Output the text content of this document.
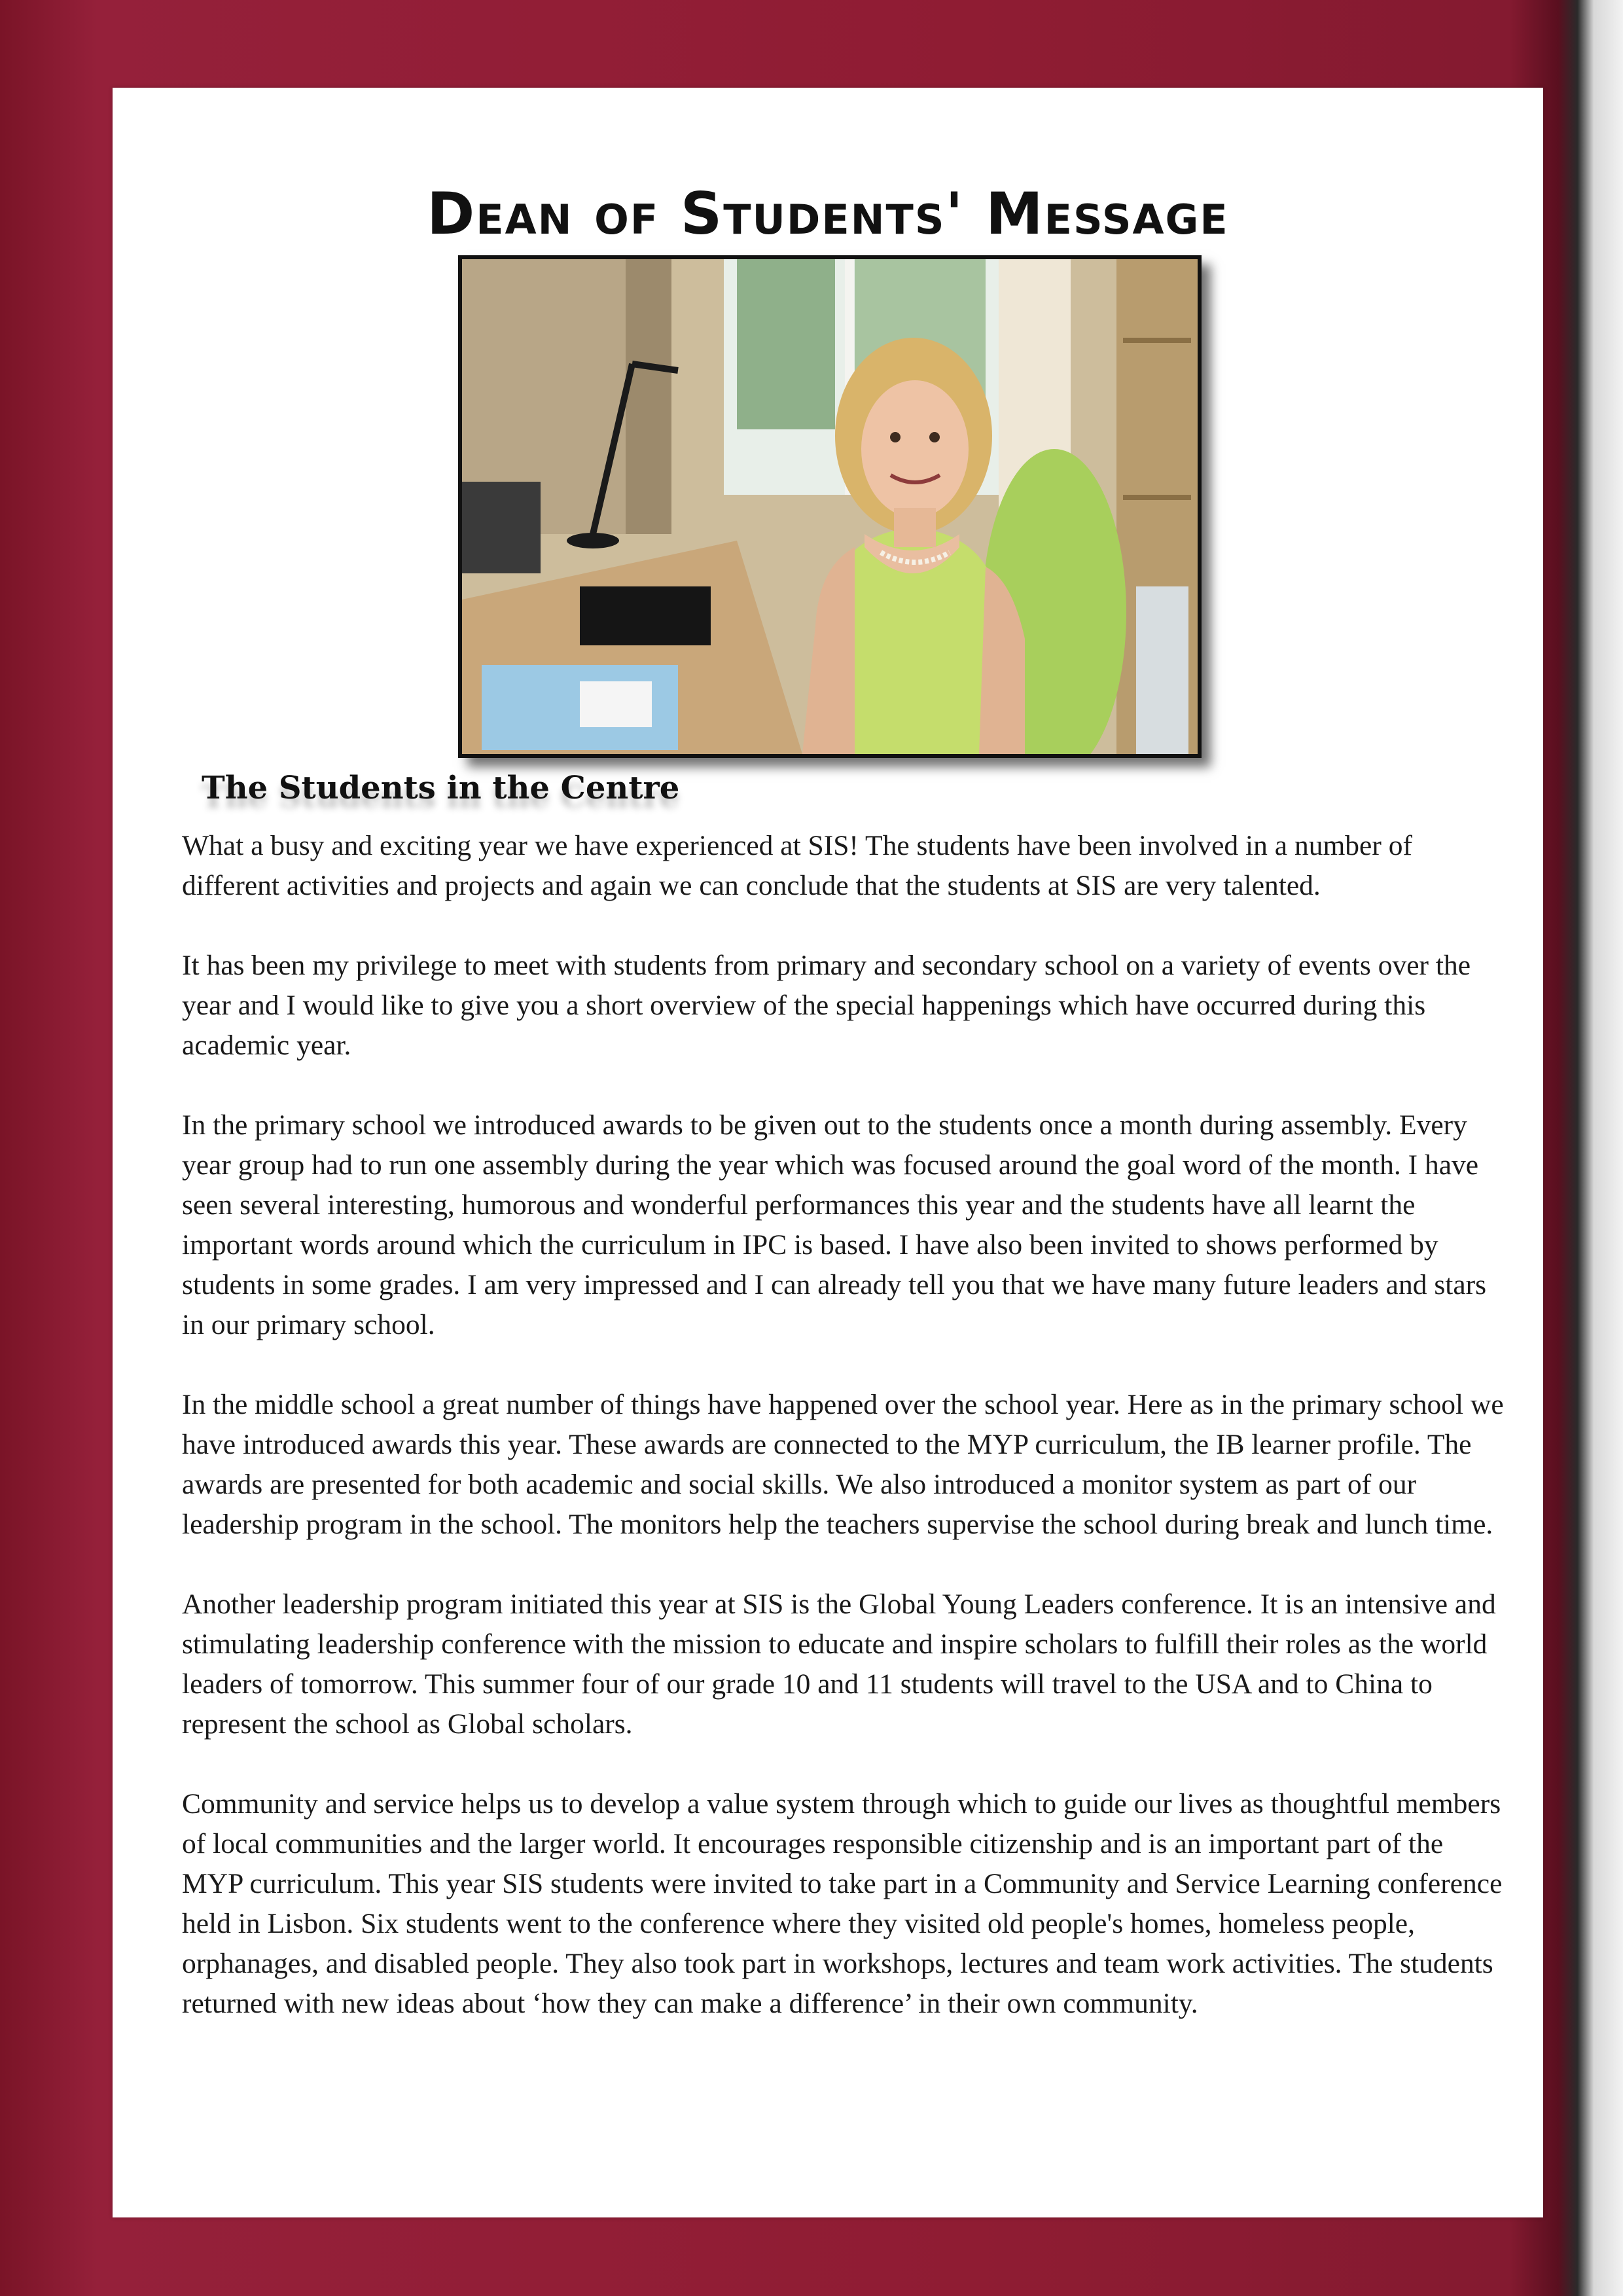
Dean of Students' Message
The Students in the Centre

What a busy and exciting year we have experienced at SIS! The students have been involved in a number of different activities and projects and again we can conclude that the students at SIS are very talented.

It has been my privilege to meet with students from primary and secondary school on a variety of events over the year and I would like to give you a short overview of the special happenings which have occurred during this academic year.

In the primary school we introduced awards to be given out to the students once a month during assembly. Every year group had to run one assembly during the year which was focused around the goal word of the month. I have seen several interesting, humorous and wonderful performances this year and the students have all learnt the important words around which the curriculum in IPC is based. I have also been invited to shows performed by students in some grades. I am very impressed and I can already tell you that we have many future leaders and stars in our primary school.

In the middle school a great number of things have happened over the school year. Here as in the primary school we have introduced awards this year. These awards are connected to the MYP curriculum, the IB learner profile. The awards are presented for both academic and social skills. We also introduced a monitor system as part of our leadership program in the school. The monitors help the teachers supervise the school during break and lunch time.

Another leadership program initiated this year at SIS is the Global Young Leaders conference. It is an intensive and stimulating leadership conference with the mission to educate and inspire scholars to fulfill their roles as the world leaders of tomorrow. This summer four of our grade 10 and 11 students will travel to the USA and to China to represent the school as Global scholars.

Community and service helps us to develop a value system through which to guide our lives as thoughtful members of local communities and the larger world. It encourages responsible citizenship and is an important part of the MYP curriculum. This year SIS students were invited to take part in a Community and Service Learning conference held in Lisbon. Six students went to the conference where they visited old people's homes, homeless people, orphanages, and disabled people. They also took part in workshops, lectures and team work activities. The students returned with new ideas about ‘how they can make a difference’ in their own community.
